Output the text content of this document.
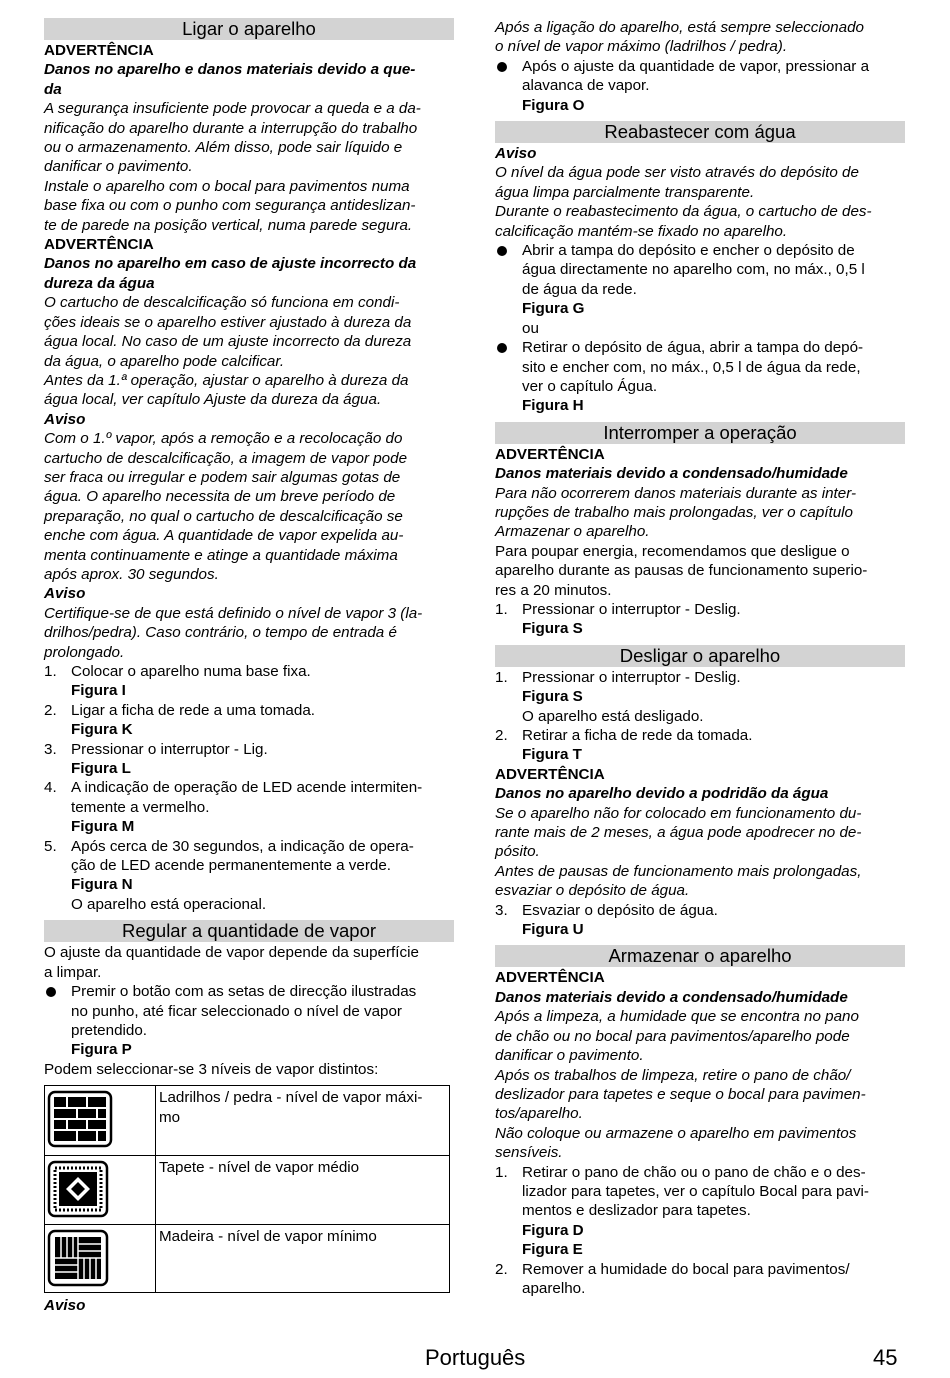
Ligar o aparelho
ADVERTÊNCIA
Danos no aparelho e danos materiais devido a que-
da
A segurança insuficiente pode provocar a queda e a da-
nificação do aparelho durante a interrupção do trabalho
ou o armazenamento. Além disso, pode sair líquido e
danificar o pavimento.
Instale o aparelho com o bocal para pavimentos numa
base fixa ou com o punho com segurança antideslizan-
te de parede na posição vertical, numa parede segura.
ADVERTÊNCIA
Danos no aparelho em caso de ajuste incorrecto da
dureza da água
O cartucho de descalcificação só funciona em condi-
ções ideais se o aparelho estiver ajustado à dureza da
água local. No caso de um ajuste incorrecto da dureza
da água, o aparelho pode calcificar.
Antes da 1.ª operação, ajustar o aparelho à dureza da
água local, ver capítulo Ajuste da dureza da água.
Aviso
Com o 1.º vapor, após a remoção e a recolocação do
cartucho de descalcificação, a imagem de vapor pode
ser fraca ou irregular e podem sair algumas gotas de
água. O aparelho necessita de um breve período de
preparação, no qual o cartucho de descalcificação se
enche com água. A quantidade de vapor expelida au-
menta continuamente e atinge a quantidade máxima
após aprox. 30 segundos.
Aviso
Certifique-se de que está definido o nível de vapor 3 (la-
drilhos/pedra). Caso contrário, o tempo de entrada é
prolongado.
1. Colocar o aparelho numa base fixa.
Figura I
2. Ligar a ficha de rede a uma tomada.
Figura K
3. Pressionar o interruptor - Lig.
Figura L
4. A indicação de operação de LED acende intermiten-
temente a vermelho.
Figura M
5. Após cerca de 30 segundos, a indicação de opera-
ção de LED acende permanentemente a verde.
Figura N
O aparelho está operacional.
Regular a quantidade de vapor
O ajuste da quantidade de vapor depende da superfície
a limpar.
Premir o botão com as setas de direcção ilustradas
no punho, até ficar seleccionado o nível de vapor
pretendido.
Figura P
Podem seleccionar-se 3 níveis de vapor distintos:

Ladrilhos / pedra - nível de vapor máxi-
mo

Tapete - nível de vapor médio

Madeira - nível de vapor mínimo
Aviso
Após a ligação do aparelho, está sempre seleccionado
o nível de vapor máximo (ladrilhos / pedra).
Após o ajuste da quantidade de vapor, pressionar a
alavanca de vapor.
Figura O
Reabastecer com água
Aviso
O nível da água pode ser visto através do depósito de
água limpa parcialmente transparente.
Durante o reabastecimento da água, o cartucho de des-
calcificação mantém-se fixado no aparelho.
Abrir a tampa do depósito e encher o depósito de
água directamente no aparelho com, no máx., 0,5 l
de água da rede.
Figura G
ou
Retirar o depósito de água, abrir a tampa do depó-
sito e encher com, no máx., 0,5 l de água da rede,
ver o capítulo Água.
Figura H
Interromper a operação
ADVERTÊNCIA
Danos materiais devido a condensado/humidade
Para não ocorrerem danos materiais durante as inter-
rupções de trabalho mais prolongadas, ver o capítulo
Armazenar o aparelho.
Para poupar energia, recomendamos que desligue o
aparelho durante as pausas de funcionamento superio-
res a 20 minutos.
1. Pressionar o interruptor - Deslig.
Figura S
Desligar o aparelho
1. Pressionar o interruptor - Deslig.
Figura S
O aparelho está desligado.
2. Retirar a ficha de rede da tomada.
Figura T
ADVERTÊNCIA
Danos no aparelho devido a podridão da água
Se o aparelho não for colocado em funcionamento du-
rante mais de 2 meses, a água pode apodrecer no de-
pósito.
Antes de pausas de funcionamento mais prolongadas,
esvaziar o depósito de água.
3. Esvaziar o depósito de água.
Figura U
Armazenar o aparelho
ADVERTÊNCIA
Danos materiais devido a condensado/humidade
Após a limpeza, a humidade que se encontra no pano
de chão ou no bocal para pavimentos/aparelho pode
danificar o pavimento.
Após os trabalhos de limpeza, retire o pano de chão/
deslizador para tapetes e seque o bocal para pavimen-
tos/aparelho.
Não coloque ou armazene o aparelho em pavimentos
sensíveis.
1. Retirar o pano de chão ou o pano de chão e o des-
lizador para tapetes, ver o capítulo Bocal para pavi-
mentos e deslizador para tapetes.
Figura D
Figura E
2. Remover a humidade do bocal para pavimentos/
aparelho.
Português	45
